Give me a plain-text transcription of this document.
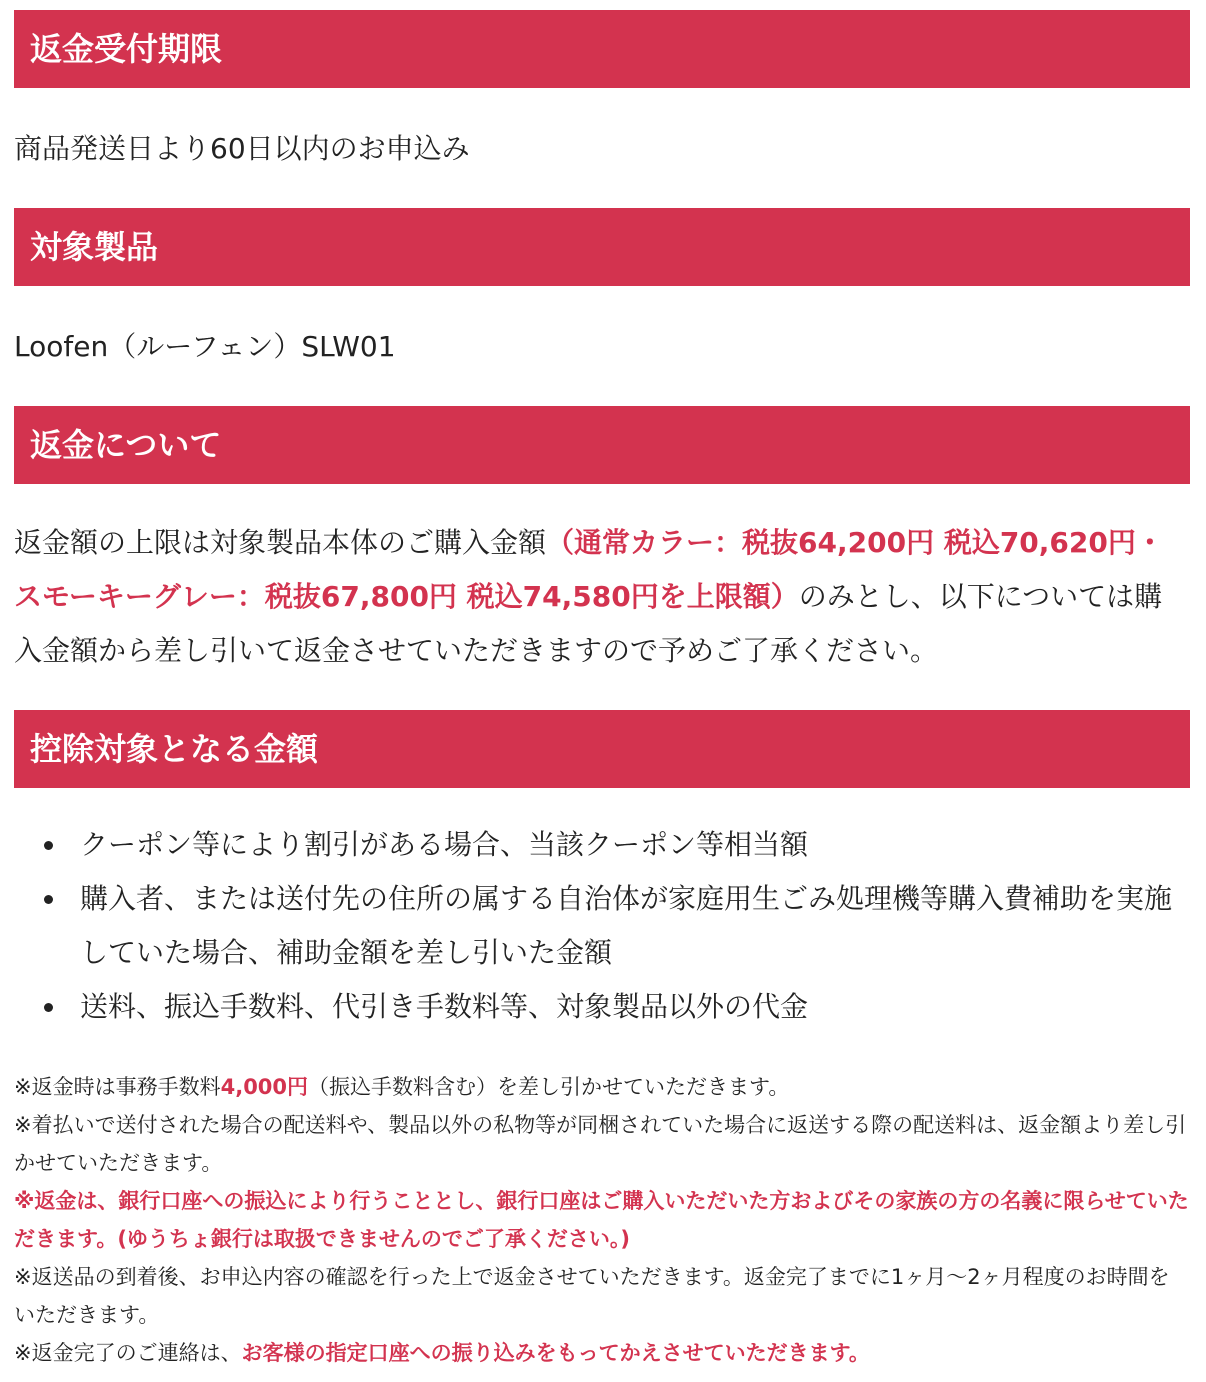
返金受付期限

商品発送日より60日以内のお申込み

対象製品

Loofen（ルーフェン）SLW01

返金について

返金額の上限は対象製品本体のご購入金額（通常カラー：税抜64,200円 税込70,620円・スモーキーグレー：税抜67,800円 税込74,580円を上限額）のみとし、以下については購入金額から差し引いて返金させていただきますので予めご了承ください。

控除対象となる金額
クーポン等により割引がある場合、当該クーポン等相当額
購入者、または送付先の住所の属する自治体が家庭用生ごみ処理機等購入費補助を実施していた場合、補助金額を差し引いた金額
送料、振込手数料、代引き手数料等、対象製品以外の代金

※返金時は事務手数料4,000円（振込手数料含む）を差し引かせていただきます。

※着払いで送付された場合の配送料や、製品以外の私物等が同梱されていた場合に返送する際の配送料は、返金額より差し引かせていただきます。

※返金は、銀行口座への振込により行うこととし、銀行口座はご購入いただいた方およびその家族の方の名義に限らせていただきます。(ゆうちょ銀行は取扱できませんのでご了承ください。)

※返送品の到着後、お申込内容の確認を行った上で返金させていただきます。返金完了までに1ヶ月〜2ヶ月程度のお時間をいただきます。

※返金完了のご連絡は、お客様の指定口座への振り込みをもってかえさせていただきます。
